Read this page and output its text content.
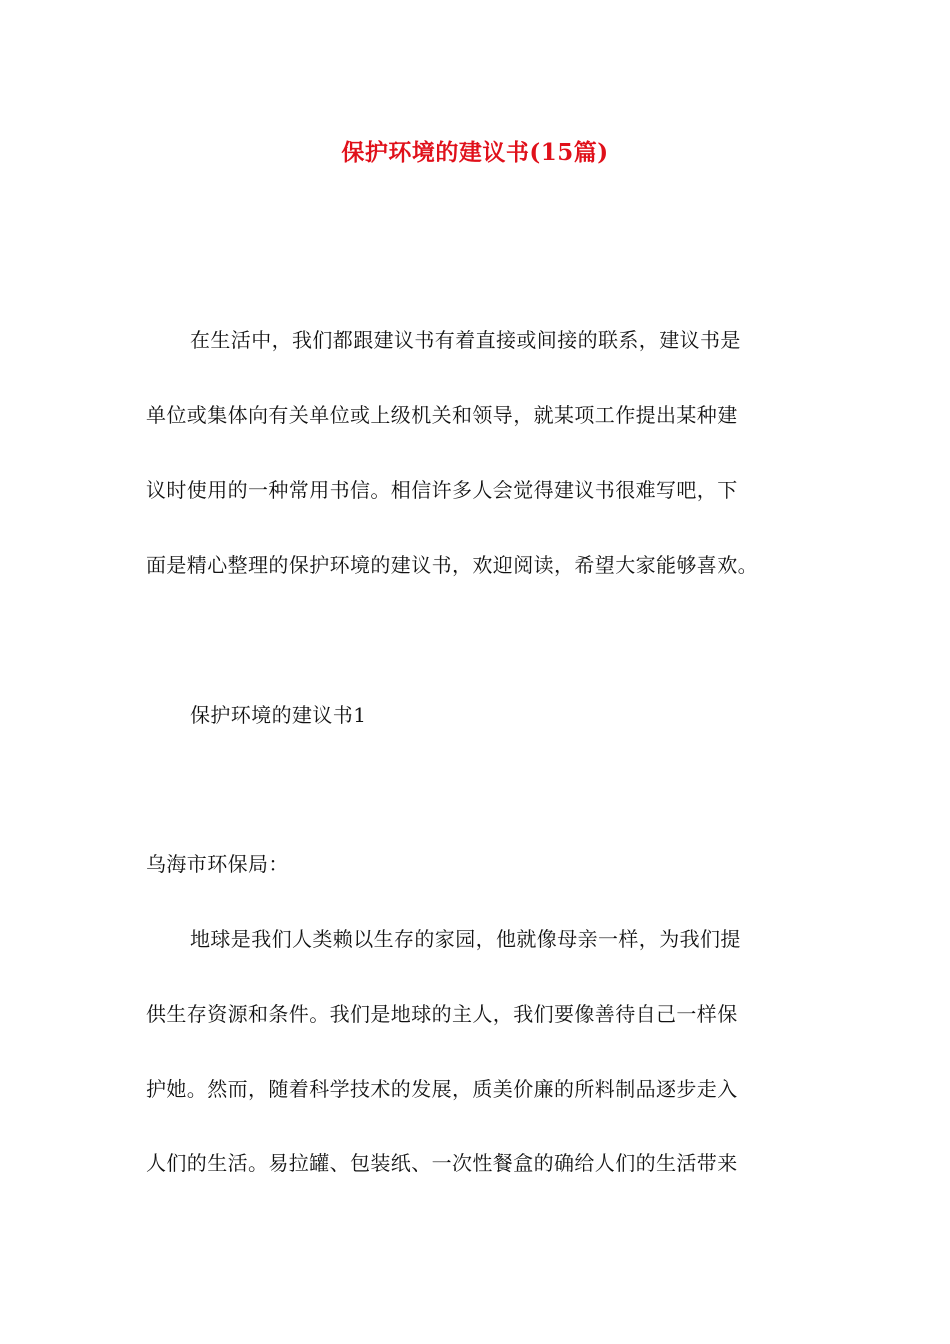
保护环境的建议书(15篇)
在生活中，我们都跟建议书有着直接或间接的联系，建议书是
单位或集体向有关单位或上级机关和领导，就某项工作提出某种建
议时使用的一种常用书信。相信许多人会觉得建议书很难写吧，下
面是精心整理的保护环境的建议书，欢迎阅读，希望大家能够喜欢。
保护环境的建议书1
乌海市环保局：
地球是我们人类赖以生存的家园，他就像母亲一样，为我们提
供生存资源和条件。我们是地球的主人，我们要像善待自己一样保
护她。然而，随着科学技术的发展，质美价廉的所料制品逐步走入
人们的生活。易拉罐、包装纸、一次性餐盒的确给人们的生活带来
